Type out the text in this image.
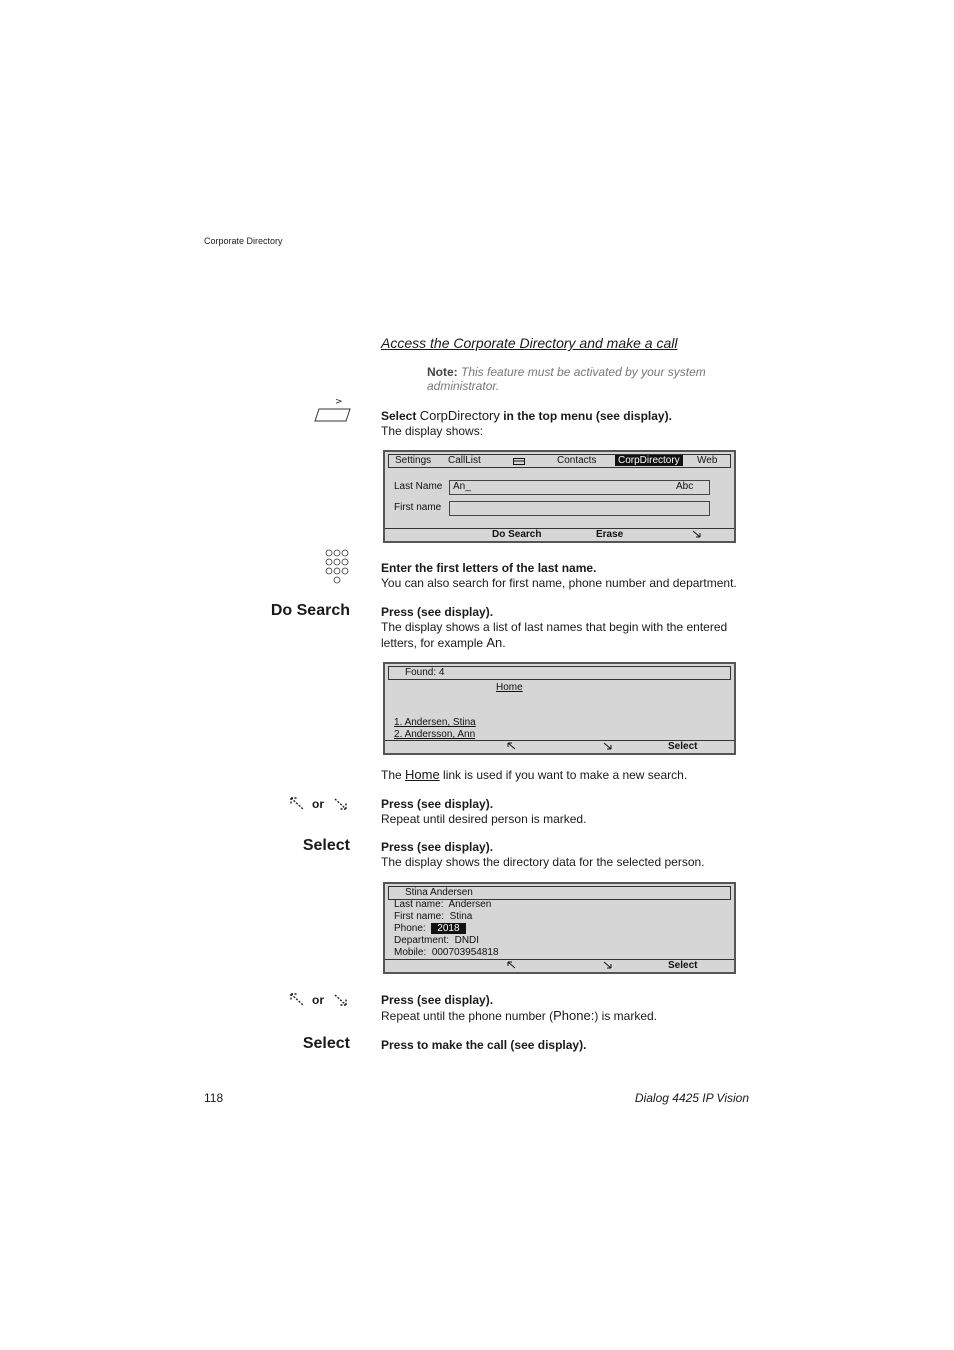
Corporate Directory
Access the Corporate Directory and make a call
Note: This feature must be activated by your system administrator.
>
Select CorpDirectory in the top menu (see display).
The display shows:
Settings CallList	Contacts	CorpDirectory	Web
Last Name An_	Abc
First name
Do Search	Erase
Enter the first letters of the last name.
You can also search for first name, phone number and department.
Do Search	Press (see display).
The display shows a list of last names that begin with the entered letters, for example An.
Found: 4
Home
1. Andersen, Stina
2. Andersson, Ann
Select
The Home link is used if you want to make a new search.
or	Press (see display).
Repeat until desired person is marked.
Select	Press (see display).
The display shows the directory data for the selected person.
Stina Andersen
Last name: Andersen
First name: Stina
Phone: 2018
Department: DNDI
Mobile: 000703954818
Select
or	Press (see display).
Repeat until the phone number (Phone:) is marked.
Select	Press to make the call (see display).
118	Dialog 4425 IP Vision
